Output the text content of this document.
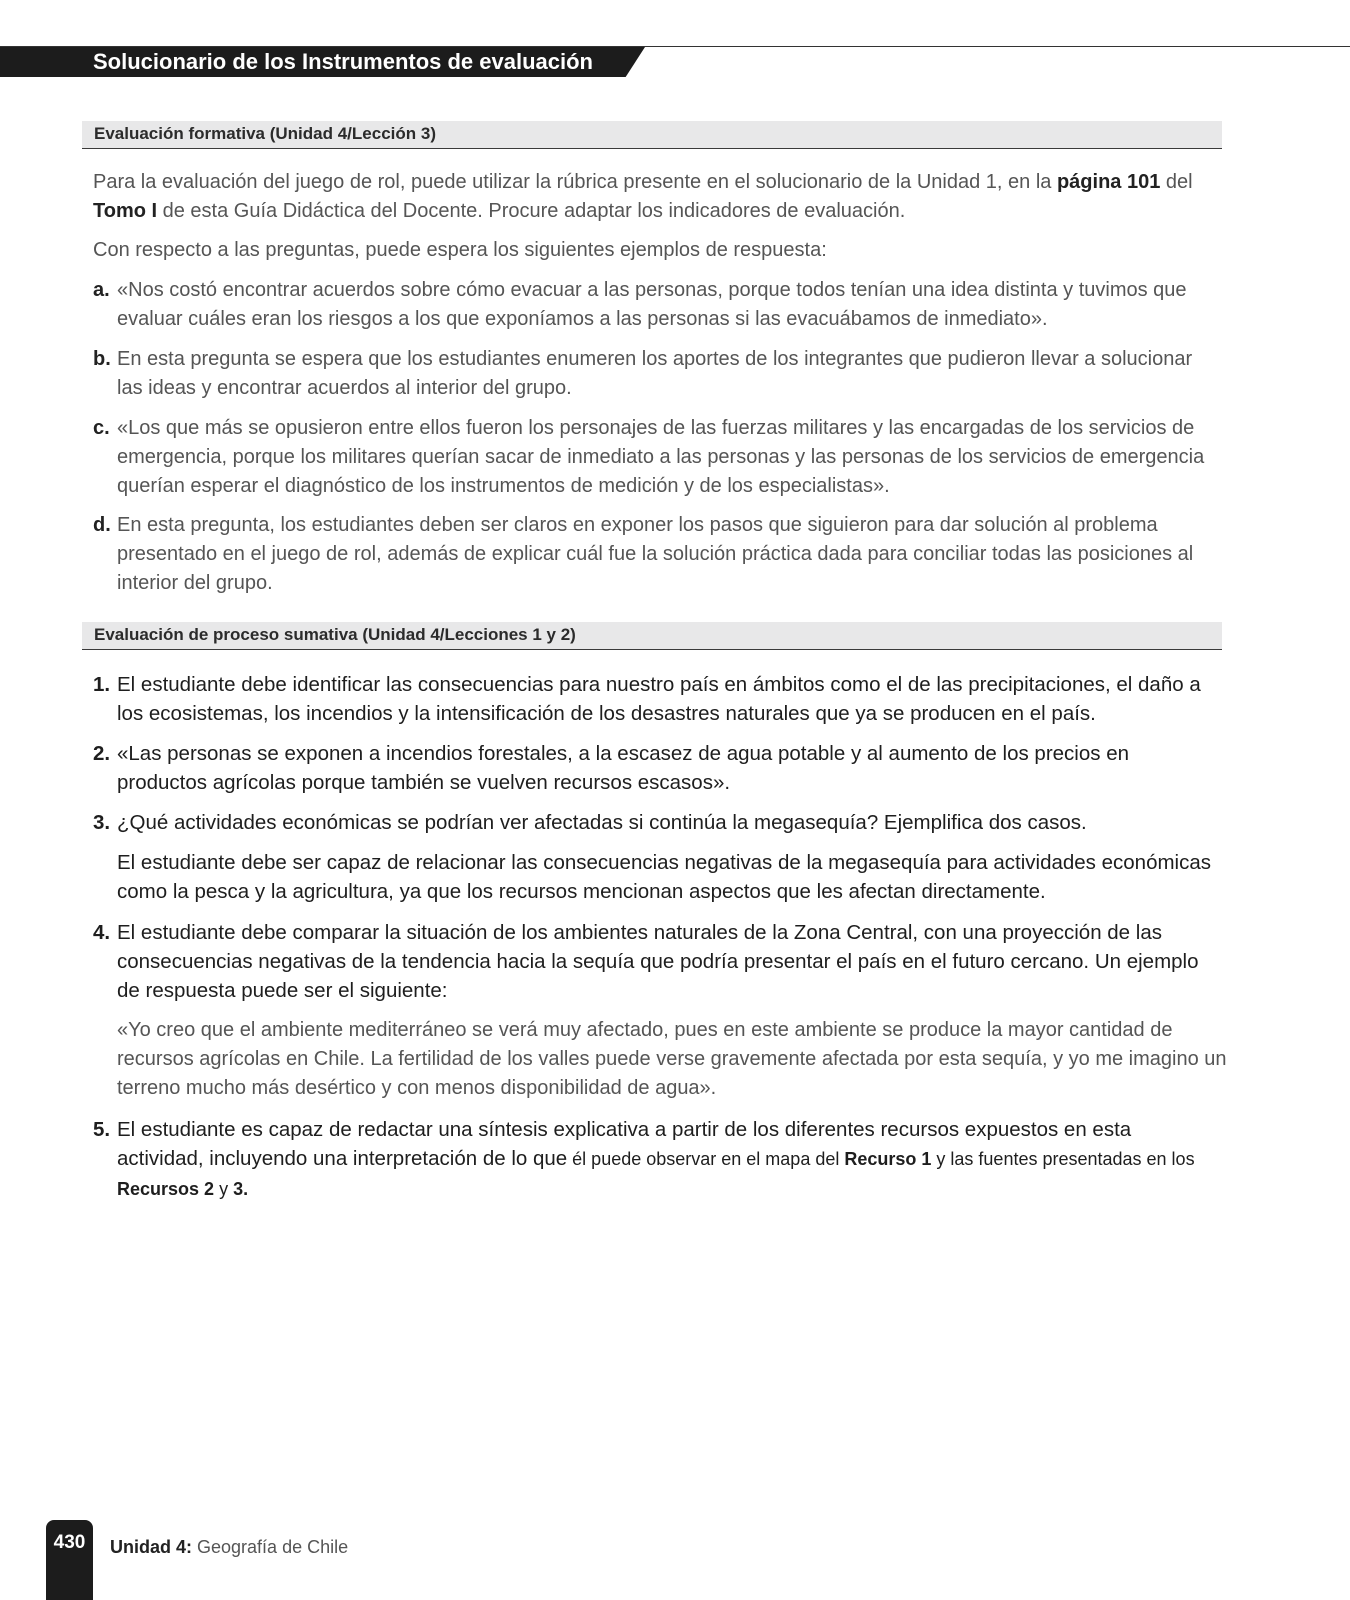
Solucionario de los Instrumentos de evaluación
Evaluación formativa (Unidad 4/Lección 3)

Para la evaluación del juego de rol, puede utilizar la rúbrica presente en el solucionario de la Unidad 1, en la página 101 del Tomo I de esta Guía Didáctica del Docente. Procure adaptar los indicadores de evaluación.

Con respecto a las preguntas, puede espera los siguientes ejemplos de respuesta:

a. «Nos costó encontrar acuerdos sobre cómo evacuar a las personas, porque todos tenían una idea distinta y tuvimos que evaluar cuáles eran los riesgos a los que exponíamos a las personas si las evacuábamos de inmediato».
b. En esta pregunta se espera que los estudiantes enumeren los aportes de los integrantes que pudieron llevar a solucionar las ideas y encontrar acuerdos al interior del grupo.
c. «Los que más se opusieron entre ellos fueron los personajes de las fuerzas militares y las encargadas de los servicios de emergencia, porque los militares querían sacar de inmediato a las personas y las personas de los servicios de emergencia querían esperar el diagnóstico de los instrumentos de medición y de los especialistas».
d. En esta pregunta, los estudiantes deben ser claros en exponer los pasos que siguieron para dar solución al problema presentado en el juego de rol, además de explicar cuál fue la solución práctica dada para conciliar todas las posiciones al interior del grupo.
Evaluación de proceso sumativa (Unidad 4/Lecciones 1 y 2)
1. El estudiante debe identificar las consecuencias para nuestro país en ámbitos como el de las precipitaciones, el daño a los ecosistemas, los incendios y la intensificación de los desastres naturales que ya se producen en el país.
2. «Las personas se exponen a incendios forestales, a la escasez de agua potable y al aumento de los precios en productos agrícolas porque también se vuelven recursos escasos».
3. ¿Qué actividades económicas se podrían ver afectadas si continúa la megasequía? Ejemplifica dos casos.
El estudiante debe ser capaz de relacionar las consecuencias negativas de la megasequía para actividades económicas como la pesca y la agricultura, ya que los recursos mencionan aspectos que les afectan directamente.
4. El estudiante debe comparar la situación de los ambientes naturales de la Zona Central, con una proyección de las consecuencias negativas de la tendencia hacia la sequía que podría presentar el país en el futuro cercano. Un ejemplo de respuesta puede ser el siguiente:
«Yo creo que el ambiente mediterráneo se verá muy afectado, pues en este ambiente se produce la mayor cantidad de recursos agrícolas en Chile. La fertilidad de los valles puede verse gravemente afectada por esta sequía, y yo me imagino un terreno mucho más desértico y con menos disponibilidad de agua».
5. El estudiante es capaz de redactar una síntesis explicativa a partir de los diferentes recursos expuestos en esta actividad, incluyendo una interpretación de lo que él puede observar en el mapa del Recurso 1 y las fuentes presentadas en los Recursos 2 y 3.
430	Unidad 4: Geografía de Chile
